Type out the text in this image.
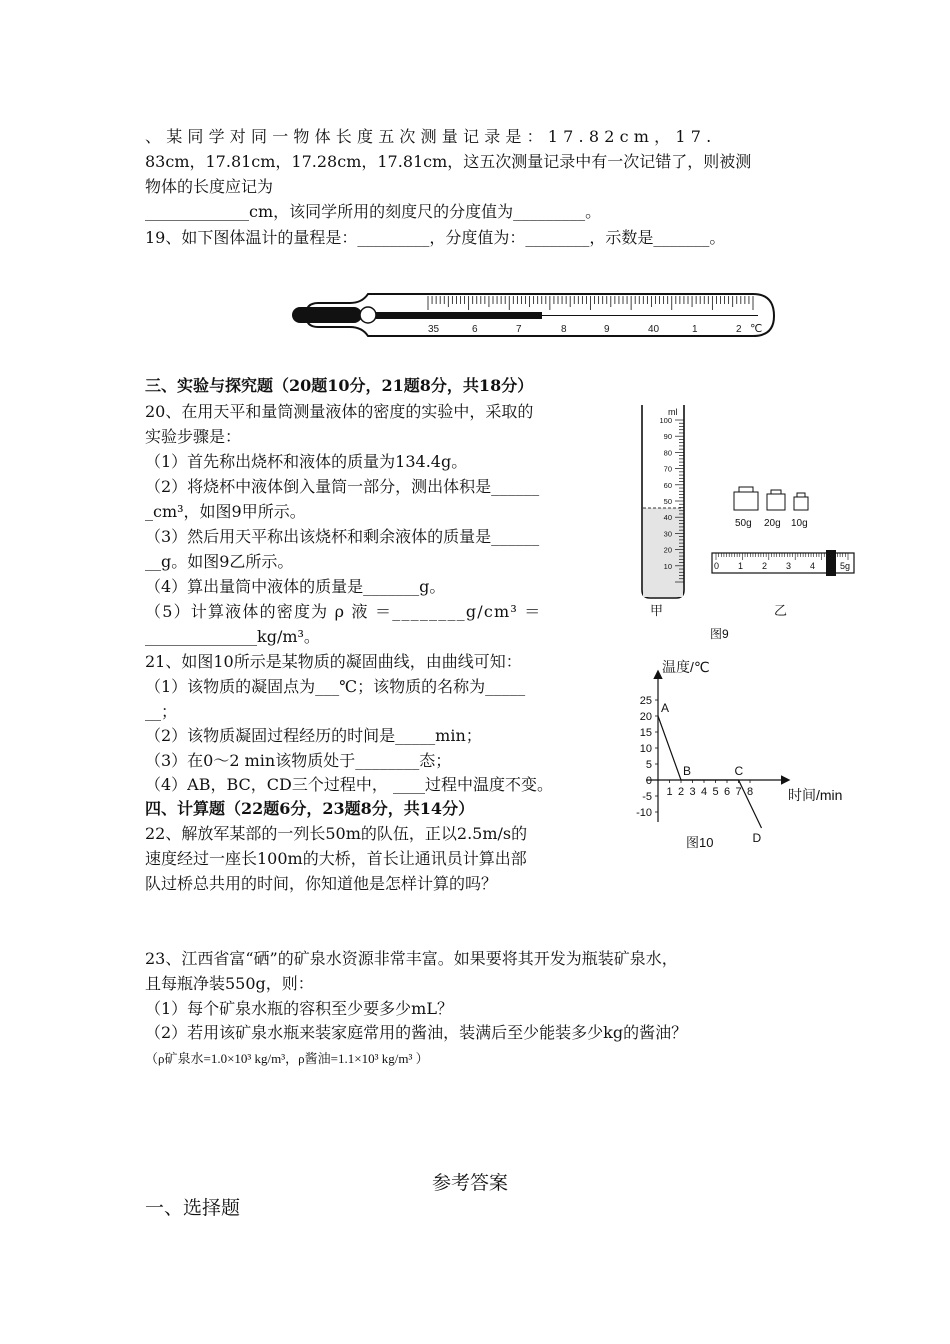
、某同学对同一物体长度五次测量记录是：17.82cm，17.
83cm，17.81cm，17.28cm，17.81cm，这五次测量记录中有一次记错了，则被测
物体的长度应记为
_____________cm，该同学所用的刻度尺的分度值为_________。
19、如下图体温计的量程是：_________，分度值为：________，示数是_______。
35	6	7	8	9	40	1	2 ℃
三、实验与探究题（20题10分，21题8分，共18分）
20、在用天平和量筒测量液体的密度的实验中，采取的
实验步骤是：
（1）首先称出烧杯和液体的质量为134.4g。
（2）将烧杯中液体倒入量筒一部分，测出体积是______
_cm³，如图9甲所示。
（3）然后用天平称出该烧杯和剩余液体的质量是______
__g。如图9乙所示。
（4）算出量筒中液体的质量是_______g。
（5）计算液体的密度为 ρ 液 ＝________g/cm³ ＝
______________kg/m³。
ml
100
90
80
70
60
50
40
30
20
10
甲
50g 20g 10g
0 1 2 3 4	5g
乙
图9
21、如图10所示是某物质的凝固曲线，由曲线可知：
（1）该物质的凝固点为___℃；该物质的名称为_____
__；
（2）该物质凝固过程经历的时间是_____min；
（3）在0～2 min该物质处于________态；
（4）AB，BC，CD三个过程中， ____过程中温度不变。
温度/℃
时间/min
25
20
15
10
5
0
-5
-10
1 2 3 4 5 6 7 8
A
B	C
D
图10
四、计算题（22题6分，23题8分，共14分）
22、解放军某部的一列长50m的队伍，正以2.5m/s的
速度经过一座长100m的大桥，首长让通讯员计算出部
队过桥总共用的时间，你知道他是怎样计算的吗？
23、江西省富“硒”的矿泉水资源非常丰富。如果要将其开发为瓶装矿泉水，
且每瓶净装550g，则：
（1）每个矿泉水瓶的容积至少要多少mL？
（2）若用该矿泉水瓶来装家庭常用的酱油，装满后至少能装多少kg的酱油？
（ρ矿泉水=1.0×10³ kg/m³，ρ酱油=1.1×10³ kg/m³ ）
参考答案
一、选择题
